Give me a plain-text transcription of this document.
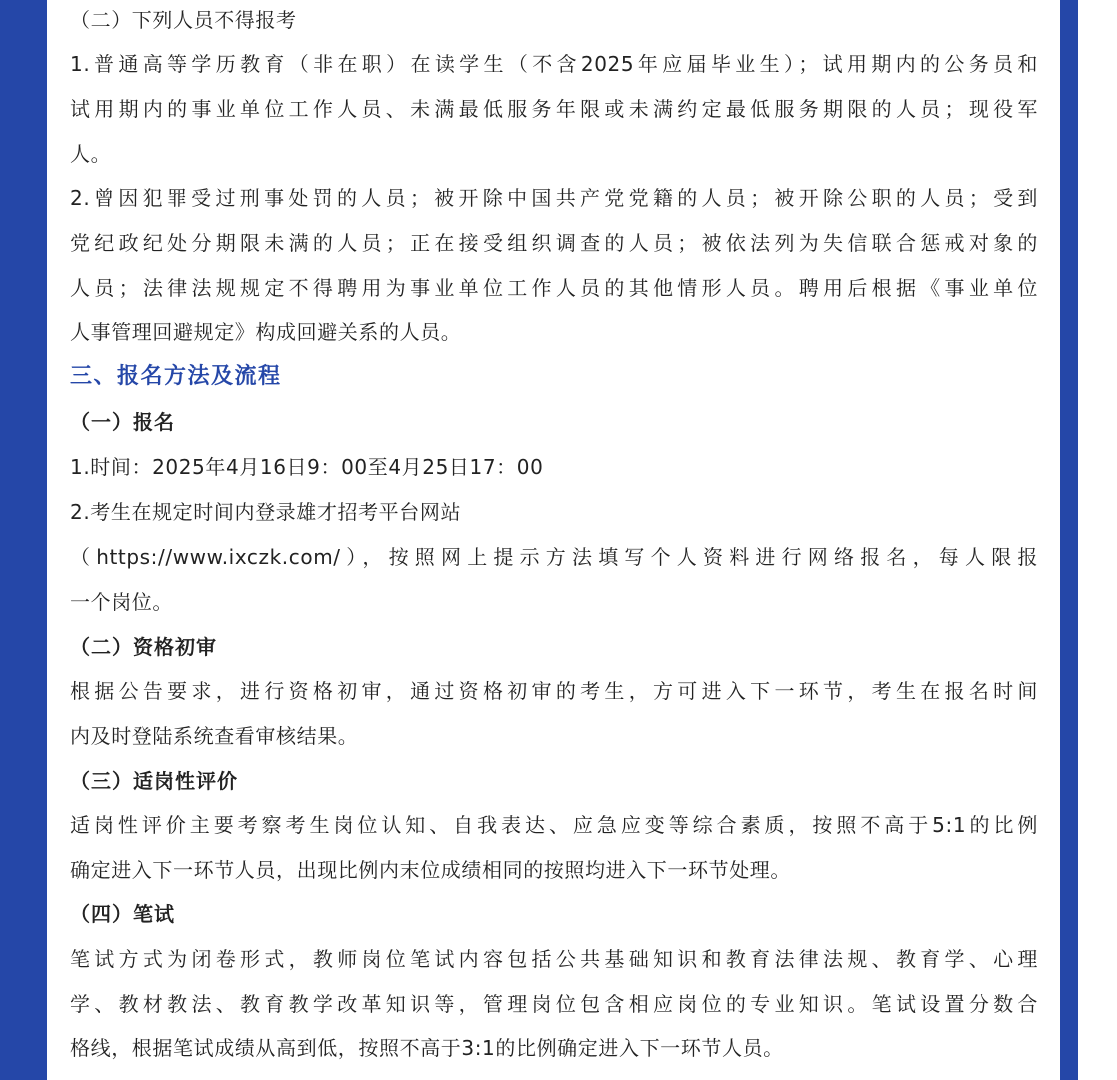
（二）下列人员不得报考
1.普通高等学历教育（非在职）在读学生（不含2025年应届毕业生）；试用期内的公务员和
试用期内的事业单位工作人员、未满最低服务年限或未满约定最低服务期限的人员；现役军
人。
2.曾因犯罪受过刑事处罚的人员；被开除中国共产党党籍的人员；被开除公职的人员；受到
党纪政纪处分期限未满的人员；正在接受组织调查的人员；被依法列为失信联合惩戒对象的
人员；法律法规规定不得聘用为事业单位工作人员的其他情形人员。聘用后根据《事业单位
人事管理回避规定》构成回避关系的人员。
三、报名方法及流程
（一）报名
1.时间：2025年4月16日9：00至4月25日17：00
2.考生在规定时间内登录雄才招考平台网站
（https://www.ixczk.com/），按照网上提示方法填写个人资料进行网络报名，每人限报
一个岗位。
（二）资格初审
根据公告要求，进行资格初审，通过资格初审的考生，方可进入下一环节，考生在报名时间
内及时登陆系统查看审核结果。
（三）适岗性评价
适岗性评价主要考察考生岗位认知、自我表达、应急应变等综合素质，按照不高于5:1的比例
确定进入下一环节人员，出现比例内末位成绩相同的按照均进入下一环节处理。
（四）笔试
笔试方式为闭卷形式，教师岗位笔试内容包括公共基础知识和教育法律法规、教育学、心理
学、教材教法、教育教学改革知识等，管理岗位包含相应岗位的专业知识。笔试设置分数合
格线，根据笔试成绩从高到低，按照不高于3:1的比例确定进入下一环节人员。
